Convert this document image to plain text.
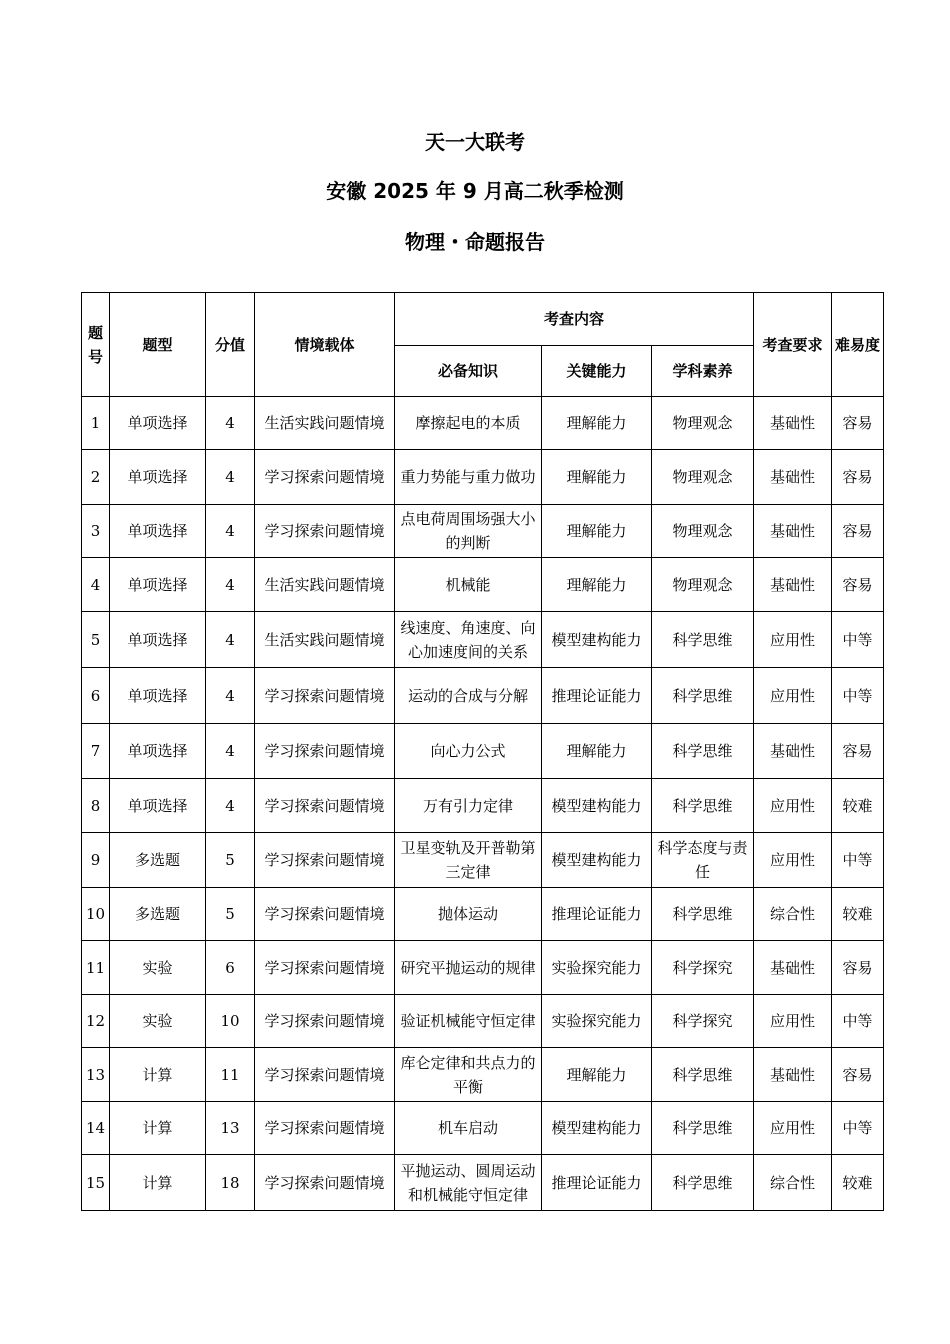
天一大联考
安徽 2025 年 9 月高二秋季检测
物理・命题报告
题号	题型	分值	情境载体	考查内容			考查要求	难易度
				必备知识	关键能力	学科素养		
1	单项选择	4	生活实践问题情境	摩擦起电的本质	理解能力	物理观念	基础性	容易
2	单项选择	4	学习探索问题情境	重力势能与重力做功	理解能力	物理观念	基础性	容易
3	单项选择	4	学习探索问题情境	点电荷周围场强大小的判断	理解能力	物理观念	基础性	容易
4	单项选择	4	生活实践问题情境	机械能	理解能力	物理观念	基础性	容易
5	单项选择	4	生活实践问题情境	线速度、角速度、向心加速度间的关系	模型建构能力	科学思维	应用性	中等
6	单项选择	4	学习探索问题情境	运动的合成与分解	推理论证能力	科学思维	应用性	中等
7	单项选择	4	学习探索问题情境	向心力公式	理解能力	科学思维	基础性	容易
8	单项选择	4	学习探索问题情境	万有引力定律	模型建构能力	科学思维	应用性	较难
9	多选题	5	学习探索问题情境	卫星变轨及开普勒第三定律	模型建构能力	科学态度与责任	应用性	中等
10	多选题	5	学习探索问题情境	抛体运动	推理论证能力	科学思维	综合性	较难
11	实验	6	学习探索问题情境	研究平抛运动的规律	实验探究能力	科学探究	基础性	容易
12	实验	10	学习探索问题情境	验证机械能守恒定律	实验探究能力	科学探究	应用性	中等
13	计算	11	学习探索问题情境	库仑定律和共点力的平衡	理解能力	科学思维	基础性	容易
14	计算	13	学习探索问题情境	机车启动	模型建构能力	科学思维	应用性	中等
15	计算	18	学习探索问题情境	平抛运动、圆周运动和机械能守恒定律	推理论证能力	科学思维	综合性	较难
